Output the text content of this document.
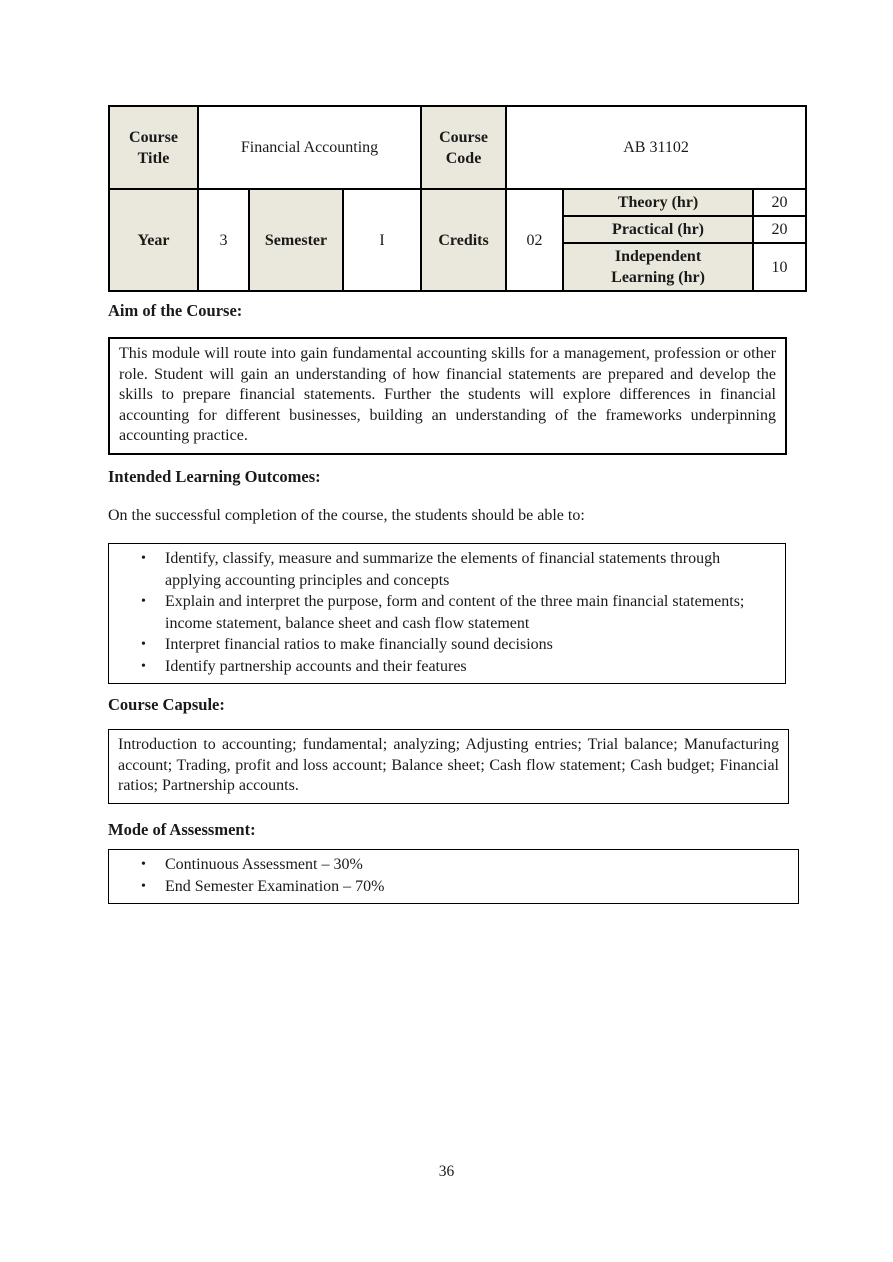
Course Title	Financial Accounting			Course Code	AB 31102		
Year	3	Semester	I	Credits	02	Theory (hr)	20
						Practical (hr)	20
						Independent Learning (hr)	10
Aim of the Course:
This module will route into gain fundamental accounting skills for a management, profession or other role. Student will gain an understanding of how financial statements are prepared and develop the skills to prepare financial statements. Further the students will explore differences in financial accounting for different businesses, building an understanding of the frameworks underpinning accounting practice.
Intended Learning Outcomes:
On the successful completion of the course, the students should be able to:
•	Identify, classify, measure and summarize the elements of financial statements through applying accounting principles and concepts
•	Explain and interpret the purpose, form and content of the three main financial statements; income statement, balance sheet and cash flow statement
•	Interpret financial ratios to make financially sound decisions
•	Identify partnership accounts and their features
Course Capsule:
Introduction to accounting; fundamental; analyzing; Adjusting entries; Trial balance; Manufacturing account; Trading, profit and loss account; Balance sheet; Cash flow statement; Cash budget; Financial ratios; Partnership accounts.
Mode of Assessment:
•	Continuous Assessment – 30%
•	End Semester Examination – 70%
36
